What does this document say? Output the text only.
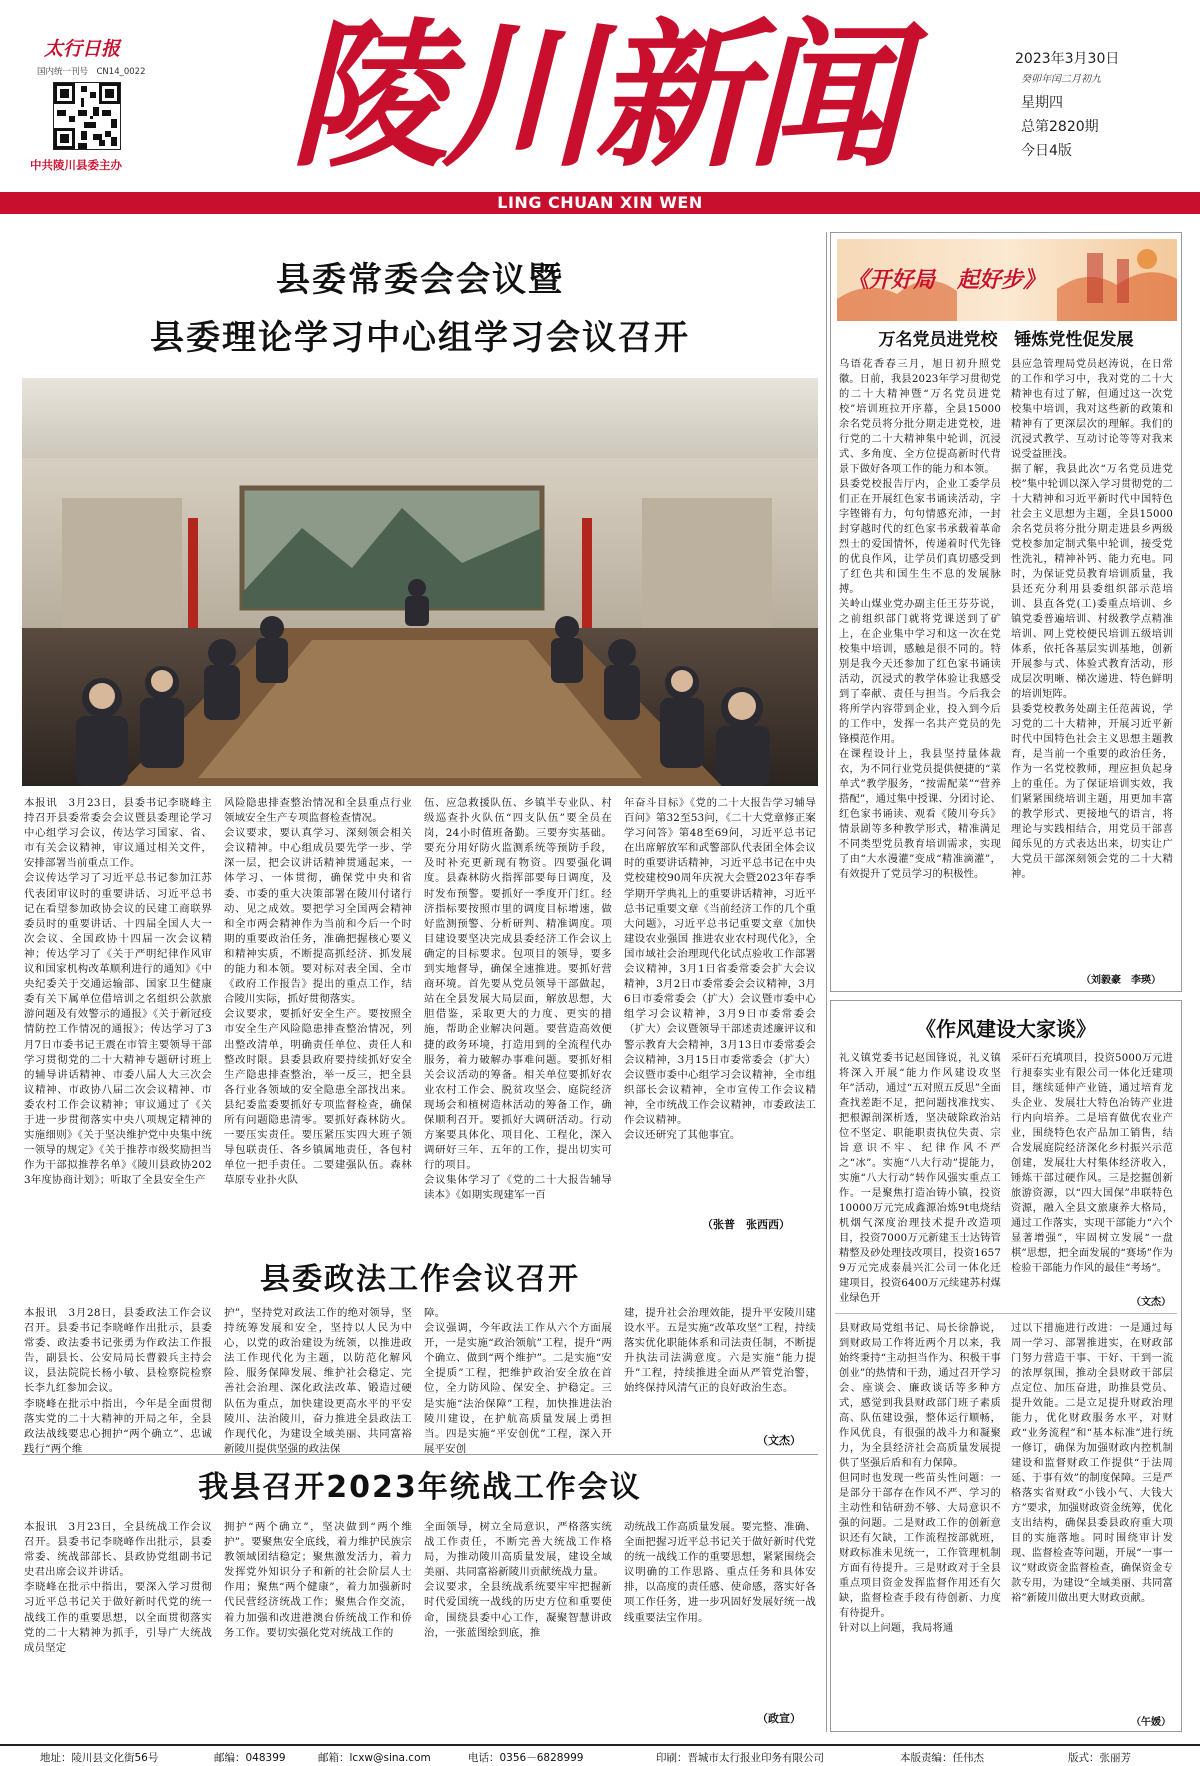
太行日报
国内统一刊号　CN14_0022
中共陵川县委主办 陵川新闻	2023年3月30日
癸卯年闰二月初九
星期四
总第2820期
今日4版
LING CHUAN XIN WEN
县委常委会会议暨
县委理论学习中心组学习会议召开
本报讯　3月23日，县委书记李晓峰主持召开县委常委会会议暨县委理论学习中心组学习会议，传达学习国家、省、市有关会议精神，审议通过相关文件，安排部署当前重点工作。
会议传达学习了习近平总书记参加江苏代表团审议时的重要讲话、习近平总书记在看望参加政协会议的民建工商联界委员时的重要讲话、十四届全国人大一次会议、全国政协十四届一次会议精神；传达学习了《关于严明纪律作风审议和国家机构改革顺利进行的通知》《中央纪委关于交通运输部、国家卫生健康委有关下属单位借培训之名组织公款旅游问题及有效警示的通报》《关于新冠疫情防控工作情况的通报》；传达学习了3月7日市委书记王震在市管主要领导干部学习贯彻党的二十大精神专题研讨班上的辅导讲话精神、市委八届人大三次会议精神、市政协八届二次会议精神、市委农村工作会议精神；审议通过了《关于进一步贯彻落实中央八项规定精神的实施细则》《关于坚决维护党中央集中统一领导的规定》《关于推荐市级奖励担当作为干部拟推荐名单》《陵川县政协2023年度协商计划》；听取了全县安全生产
风险隐患排查整治情况和全县重点行业领域安全生产专项监督检查情况。
会议要求，要认真学习、深刻领会相关会议精神。中心组成员要先学一步、学深一层，把会议讲话精神贯通起来，一体学习、一体贯彻，确保党中央和省委、市委的重大决策部署在陵川付诸行动、见之成效。要把学习全国两会精神和全市两会精神作为当前和今后一个时期的重要政治任务，准确把握核心要义和精神实质，不断提高抓经济、抓发展的能力和本领。要对标对表全国、全市《政府工作报告》提出的重点工作，结合陵川实际，抓好贯彻落实。
会议要求，要抓好安全生产。要按照全市安全生产风险隐患排查整治情况，列出整改清单，明确责任单位、责任人和整改时限。县委县政府要持续抓好安全生产隐患排查整治，举一反三，把全县各行业各领域的安全隐患全部找出来。县纪委监委要抓好专项监督检查，确保所有问题隐患清零。要抓好森林防火。一要压实责任。要压紧压实四大班子领导包联责任、各乡镇属地责任，各包村单位一把手责任。二要建强队伍。森林草原专业扑火队
伍、应急救援队伍、乡镇半专业队、村级巡查扑火队伍“四支队伍”要全员在岗，24小时值班备勤。三要夯实基础。要充分用好防火监测系统等预防手段，及时补充更新现有物资。四要强化调度。县森林防火指挥部要每日调度，及时发布预警。要抓好一季度开门红。经济指标要按照市里的调度目标增速，做好监测预警、分析研判、精准调度。项目建设要坚决完成县委经济工作会议上确定的目标要求。包项目的领导，要多到实地督导，确保全速推进。要抓好营商环境。首先要从党员领导干部做起，站在全县发展大局层面，解放思想，大胆借鉴，采取更大的力度、更实的措施，帮助企业解决问题。要营造高效便捷的政务环境，打造用到的全流程代办服务，着力破解办事难问题。要抓好相关会议活动的筹备。相关单位要抓好农业农村工作会、脱贫攻坚会、庭院经济现场会和植树造林活动的筹备工作，确保顺利召开。要抓好大调研活动。行动方案要具体化、项目化、工程化，深入调研好三年、五年的工作，提出切实可行的项目。
会议集体学习了《党的二十大报告辅导读本》《如期实现建军一百
年奋斗目标》《党的二十大报告学习辅导百问》第32至53问，《二十大党章修正案学习问答》第48至69问，习近平总书记在出席解放军和武警部队代表团全体会议时的重要讲话精神，习近平总书记在中央党校建校90周年庆祝大会暨2023年春季学期开学典礼上的重要讲话精神，习近平总书记重要文章《当前经济工作的几个重大问题》，习近平总书记重要文章《加快建设农业强国 推进农业农村现代化》，全国市域社会治理现代化试点验收工作部署会议精神，3月1日省委常委会扩大会议精神，3月2日市委常委会会议精神，3月6日市委常委会（扩大）会议暨市委中心组学习会议精神，3月9日市委常委会（扩大）会议暨领导干部述责述廉评议和警示教育大会精神，3月13日市委常委会会议精神，3月15日市委常委会（扩大）会议暨市委中心组学习会议精神，全市组织部长会议精神，全市宣传工作会议精神，全市统战工作会议精神，市委政法工作会议精神。
会议还研究了其他事宜。
（张普　张西西）
县委政法工作会议召开
本报讯　3月28日，县委政法工作会议召开。县委书记李晓峰作出批示，县委常委、政法委书记张勇为作政法工作报告，副县长、公安局局长曹毅兵主持会议，县法院院长杨小敏、县检察院检察长李九红参加会议。
李晓峰在批示中指出，今年是全面贯彻落实党的二十大精神的开局之年，全县政法战线要忠心拥护“两个确立”、忠诚践行“两个维
护”，坚持党对政法工作的绝对领导，坚持统筹发展和安全，坚持以人民为中心，以党的政治建设为统领，以推进政法工作现代化为主题，以防范化解风险、服务保障发展、维护社会稳定、完善社会治理、深化政法改革、锻造过硬队伍为重点，加快建设更高水平的平安陵川、法治陵川，奋力推进全县政法工作现代化，为建设全域美丽、共同富裕新陵川提供坚强的政法保
障。
会议强调，今年政法工作从六个方面展开，一是实施“政治领航”工程，提升“两个确立、做到“两个维护”。二是实施“安全提质”工程，把维护政治安全放在首位，全力防风险、保安全、护稳定。三是实施“法治保障”工程，加快推进法治陵川建设，在护航高质量发展上勇担当。四是实施“平安创优”工程，深入开展平安创
建，提升社会治理效能，提升平安陵川建设水平。五是实施“改革攻坚”工程，持续落实优化职能体系和司法责任制，不断提升执法司法满意度。六是实施“能力提升”工程，持续推进全面从严管党治警，始终保持风清气正的良好政治生态。
（文杰）
我县召开2023年统战工作会议
本报讯　3月23日，全县统战工作会议召开。县委书记李晓峰作出批示，县委常委、统战部部长、县政协党组副书记史君出席会议并讲话。
李晓峰在批示中指出，要深入学习贯彻习近平总书记关于做好新时代党的统一战线工作的重要思想，以全面贯彻落实党的二十大精神为抓手，引导广大统战成员坚定
拥护“两个确立”，坚决做到“两个维护”。要聚焦安全底线，着力维护民族宗教领域团结稳定；聚焦激发活力，着力发挥党外知识分子和新的社会阶层人士作用；聚焦“两个健康”，着力加强新时代民营经济统战工作；聚焦合作交流，着力加强和改进港澳台侨统战工作和侨务工作。要切实强化党对统战工作的
全面领导，树立全局意识，严格落实统战工作责任，不断完善大统战工作格局，为推动陵川高质量发展，建设全域美丽、共同富裕新陵川贡献统战力量。
会议要求，全县统战系统要牢牢把握新时代爱国统一战线的历史方位和重要使命，围绕县委中心工作，凝聚智慧讲政治，一张蓝图绘到底，推
动统战工作高质量发展。要完整、准确、全面把握习近平总书记关于做好新时代党的统一战线工作的重要思想，紧紧围绕会议明确的工作思路、重点任务和具体安排，以高度的责任感、使命感，落实好各项工作任务，进一步巩固好发展好统一战线重要法宝作用。
（政宣）
《开好局　起好步》
万名党员进党校　锤炼党性促发展
乌语花香春三月，旭日初升照党徽。日前，我县2023年学习贯彻党的二十大精神暨“万名党员进党校”培训班拉开序幕，全县15000余名党员将分批分期走进党校，进行党的二十大精神集中轮训，沉浸式、多角度、全方位提高新时代背景下做好各项工作的能力和本领。
县委党校报告厅内，企业工委学员们正在开展红色家书诵读活动，字字铿锵有力，句句情感充沛，一封封穿越时代的红色家书承载着革命烈士的爱国情怀，传递着时代先锋的优良作风，让学员们真切感受到了红色共和国生生不息的发展脉搏。
关岭山煤业党办副主任王芬芬说，之前组织部门就将党课送到了矿上，在企业集中学习和这一次在党校集中培训，感触是很不同的。特别是我今天还参加了红色家书诵读活动，沉浸式的教学体验让我感受到了奉献、责任与担当。今后我会将所学内容带到企业，投入到今后的工作中，发挥一名共产党员的先锋模范作用。
在课程设计上，我县坚持量体裁衣，为不同行业党员提供便捷的“菜单式”教学服务，“按需配菜”“营养搭配”，通过集中授课、分团讨论、红色家书诵读、观看《陵川夸兵》情景剧等多种教学形式，精准满足不同类型党员教育培训需求，实现了由“大水漫灌”变成“精准滴灌”，有效提升了党员学习的积极性。
县应急管理局党员赵涛说，在日常的工作和学习中，我对党的二十大精神也有过了解，但通过这一次党校集中培训，我对这些新的政策和精神有了更深层次的理解。我们的沉浸式教学、互动讨论等等对我来说受益匪浅。
据了解，我县此次“万名党员进党校”集中轮训以深入学习贯彻党的二十大精神和习近平新时代中国特色社会主义思想为主题，全县15000余名党员将分批分期走进县乡两级党校参加定制式集中轮训，接受党性洗礼，精神补钙、能力充电。同时，为保证党员教育培训质量，我县还充分利用县委组织部示范培训、县直各党(工)委重点培训、乡镇党委普遍培训、村级教学点精准培训、网上党校便民培训五级培训体系，依托各基层实训基地，创新开展参与式、体验式教育活动，形成层次明晰、梯次递进、特色鲜明的培训矩阵。
县委党校教务处副主任范茜说，学习党的二十大精神，开展习近平新时代中国特色社会主义思想主题教育，是当前一个重要的政治任务，作为一名党校教师，理应担负起身上的重任。为了保证培训实效，我们紧紧围绕培训主题，用更加丰富的教学形式、更接地气的语言，将理论与实践相结合，用党员干部喜闻乐见的方式表达出来，切实让广大党员干部深刻领会党的二十大精神。
（刘毅豪　李瑛）
《作风建设大家谈》
礼义镇党委书记赵国锋说，礼义镇将深入开展“能力作风建设攻坚年”活动，通过“五对照五反思”全面查找差距不足，把问题找准找实、把根源剖深析透，坚决破除政治站位不坚定、职能职责执位失责、宗旨意识不牢、纪律作风不严之“冰”。实施“八大行动”提能力，实施“八大行动”转作风强实重点工作。一是聚焦打造冶铸小镇，投资10000万元完成鑫源冶炼9t电烧结机烟气深度治理技术提升改造项目，投资7000万元新建玉士达铸管精整及砂处理技改项目，投资16579万元完成泰晨兴汇公司一体化迁建项目，投资6400万元续建苏村煤业绿色开
采矸石充填项目，投资5000万元进行昶泰实业有限公司一体化迁建项目，继续延伸产业链，通过培育龙头企业、发展壮大特色冶铸产业进行内向培养。二是培育做优农业产业，围绕特色农产品加工销售，结合发展庭院经济深化乡村振兴示范创建，发展壮大村集体经济收入，锤炼干部过硬作风。三是挖掘创新旅游资源，以“四大国保”串联特色资源，融入全县文旅康养大格局，通过工作落实，实现干部能力“六个显著增强”，牢固树立发展“一盘棋”思想，把全面发展的“赛场”作为检验干部能力作风的最佳“考场”。
（文杰）
县财政局党组书记、局长徐静说，到财政局工作将近两个月以来，我始终秉持“主动担当作为、积极干事创业”的热情和干劲，通过召开学习会、座谈会、廉政谈话等多种方式，感觉到我县财政部门班子素质高、队伍建设强，整体运行顺畅，作风优良，有很强的战斗力和凝聚力，为全县经济社会高质量发展提供了坚强后盾和有力保障。
但同时也发现一些苗头性问题：一是部分干部存在作风不严、学习的主动性和钻研劲不够、大局意识不强的问题。二是财政工作的创新意识还有欠缺，工作流程按部就班，财政标准未见统一，工作管理机制方面有待提升。三是财政对于全县重点项目资金发挥监督作用还有欠缺，监督检查手段有待创新、力度有待提升。
针对以上问题，我局将通
过以下措施进行改进：一是通过每周一学习、部署推进实，在财政部门努力营造干事、干好、干到一流的浓厚氛围，推动全县财政干部层点定位、加压奋进，助推县党员、提升效能。二是立足提升财政治理能力，优化财政服务水平，对财政“业务流程”和“基本标准”进行统一修订，确保为加强财政内控机制建设和监督财政工作提供“于法周延、于事有效”的制度保障。三是严格落实省财政“小钱小气、大钱大方”要求，加强财政资金统筹，优化支出结构，确保县委县政府重大项目的实施落地。同时围绕审计发现、监督检查等问题，开展“一事一议”财政资金监督检查，确保资金专款专用，为建设“全域美丽、共同富裕”新陵川做出更大财政贡献。
（午媛）
地址：陵川县文化街56号	邮编：048399	邮箱：lcxw@sina.com	电话：0356－6828999	印刷：晋城市太行报业印务有限公司	本版责编：任伟杰	版式：张丽芳
